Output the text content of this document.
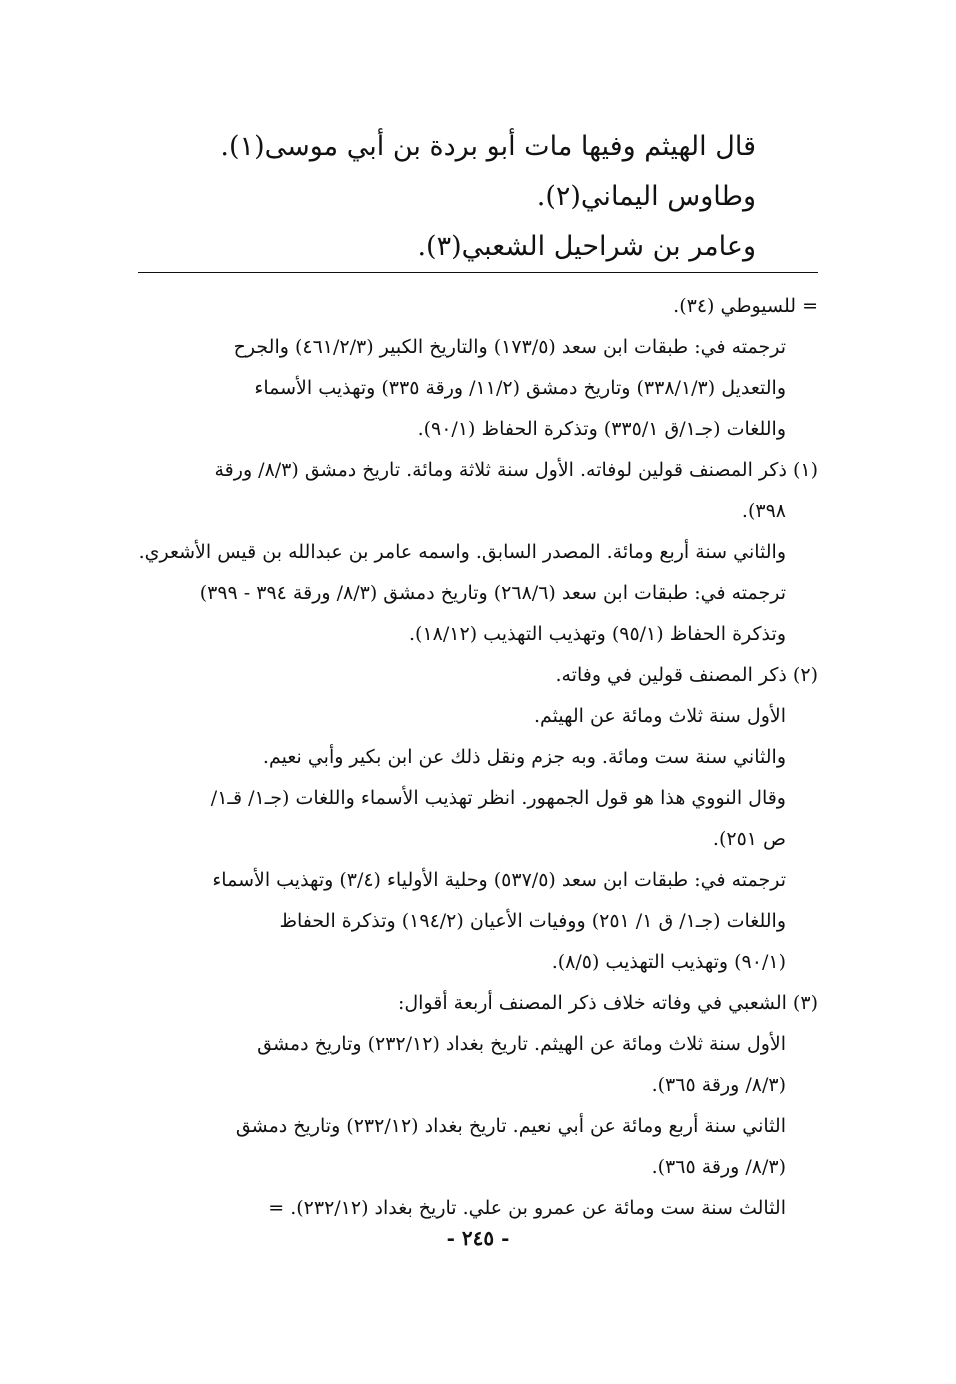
قال الهيثم وفيها مات أبو بردة بن أبي موسى(١).
وطاوس اليماني(٢).
وعامر بن شراحيل الشعبي(٣).
= للسيوطي (٣٤).
ترجمته في: طبقات ابن سعد (١٧٣/٥) والتاريخ الكبير (٤٦١/٢/٣) والجرح
والتعديل (٣٣٨/١/٣) وتاريخ دمشق (١١/٢/ ورقة ٣٣٥) وتهذيب الأسماء
واللغات (جـ١/ق ٣٣٥/١) وتذكرة الحفاظ (٩٠/١).
(١) ذكر المصنف قولين لوفاته. الأول سنة ثلاثة ومائة. تاريخ دمشق (٨/٣/ ورقة
٣٩٨).
والثاني سنة أربع ومائة. المصدر السابق. واسمه عامر بن عبدالله بن قيس الأشعري.
ترجمته في: طبقات ابن سعد (٢٦٨/٦) وتاريخ دمشق (٨/٣/ ورقة ٣٩٤ - ٣٩٩)
وتذكرة الحفاظ (٩٥/١) وتهذيب التهذيب (١٨/١٢).
(٢) ذكر المصنف قولين في وفاته.
الأول سنة ثلاث ومائة عن الهيثم.
والثاني سنة ست ومائة. وبه جزم ونقل ذلك عن ابن بكير وأبي نعيم.
وقال النووي هذا هو قول الجمهور. انظر تهذيب الأسماء واللغات (جـ١/ قـ١/
ص ٢٥١).
ترجمته في: طبقات ابن سعد (٥٣٧/٥) وحلية الأولياء (٣/٤) وتهذيب الأسماء
واللغات (جـ١/ ق ١/ ٢٥١) ووفيات الأعيان (١٩٤/٢) وتذكرة الحفاظ
(٩٠/١) وتهذيب التهذيب (٨/٥).
(٣) الشعبي في وفاته خلاف ذكر المصنف أربعة أقوال:
الأول سنة ثلاث ومائة عن الهيثم. تاريخ بغداد (٢٣٢/١٢) وتاريخ دمشق
(٨/٣/ ورقة ٣٦٥).
الثاني سنة أربع ومائة عن أبي نعيم. تاريخ بغداد (٢٣٢/١٢) وتاريخ دمشق
(٨/٣/ ورقة ٣٦٥).
الثالث سنة ست ومائة عن عمرو بن علي. تاريخ بغداد (٢٣٢/١٢). =
- ٢٤٥ -
